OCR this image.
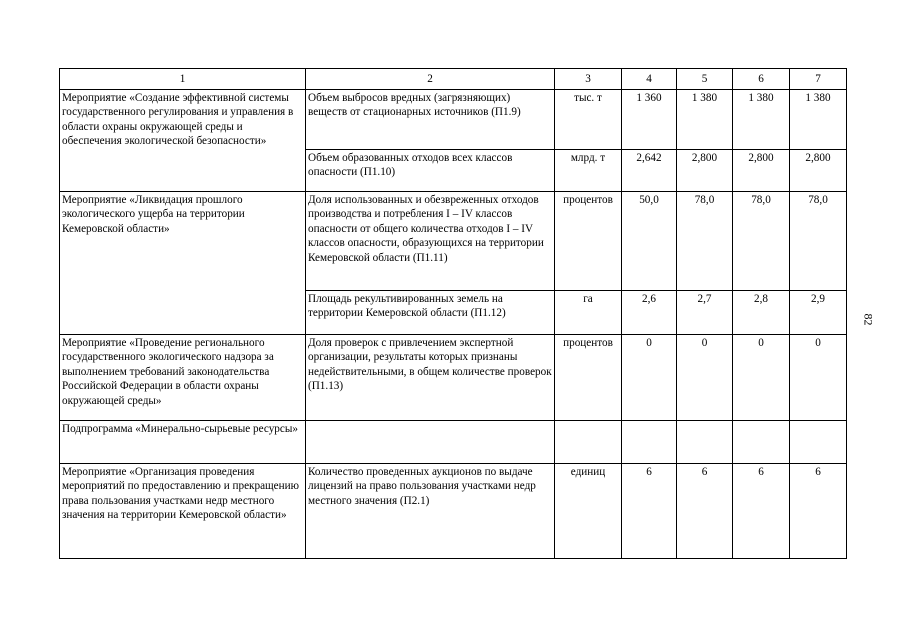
1	2	3	4	5	6	7
Мероприятие «Создание эффективной системы государственного регулирования и управления в области охраны окружающей среды и обеспечения экологической безопасности»	Объем выбросов вредных (загрязняющих) веществ от стационарных источников (П1.9)	тыс. т	1 360	1 380	1 380	1 380
	Объем образованных отходов всех классов опасности (П1.10)	млрд. т	2,642	2,800	2,800	2,800
Мероприятие «Ликвидация прошлого экологического ущерба на территории Кемеровской области»	Доля использованных и обезвреженных отходов производства и потребления I – IV классов опасности от общего количества отходов I – IV классов опасности, образующихся на территории Кемеровской области (П1.11)	процентов	50,0	78,0	78,0	78,0
	Площадь рекультивированных земель на территории Кемеровской области (П1.12)	га	2,6	2,7	2,8	2,9
Мероприятие «Проведение регионального государственного экологического надзора за выполнением требований законодательства Российской Федерации в области охраны окружающей среды»	Доля проверок с привлечением экспертной организации, результаты которых признаны недействительными, в общем количестве проверок (П1.13)	процентов	0	0	0	0
Подпрограмма «Минерально-сырьевые ресурсы»						
Мероприятие «Организация проведения мероприятий по предоставлению и прекращению права пользования участками недр местного значения на территории Кемеровской области»	Количество проведенных аукционов по выдаче лицензий на право пользования участками недр местного значения (П2.1)	единиц	6	6	6	6
82
